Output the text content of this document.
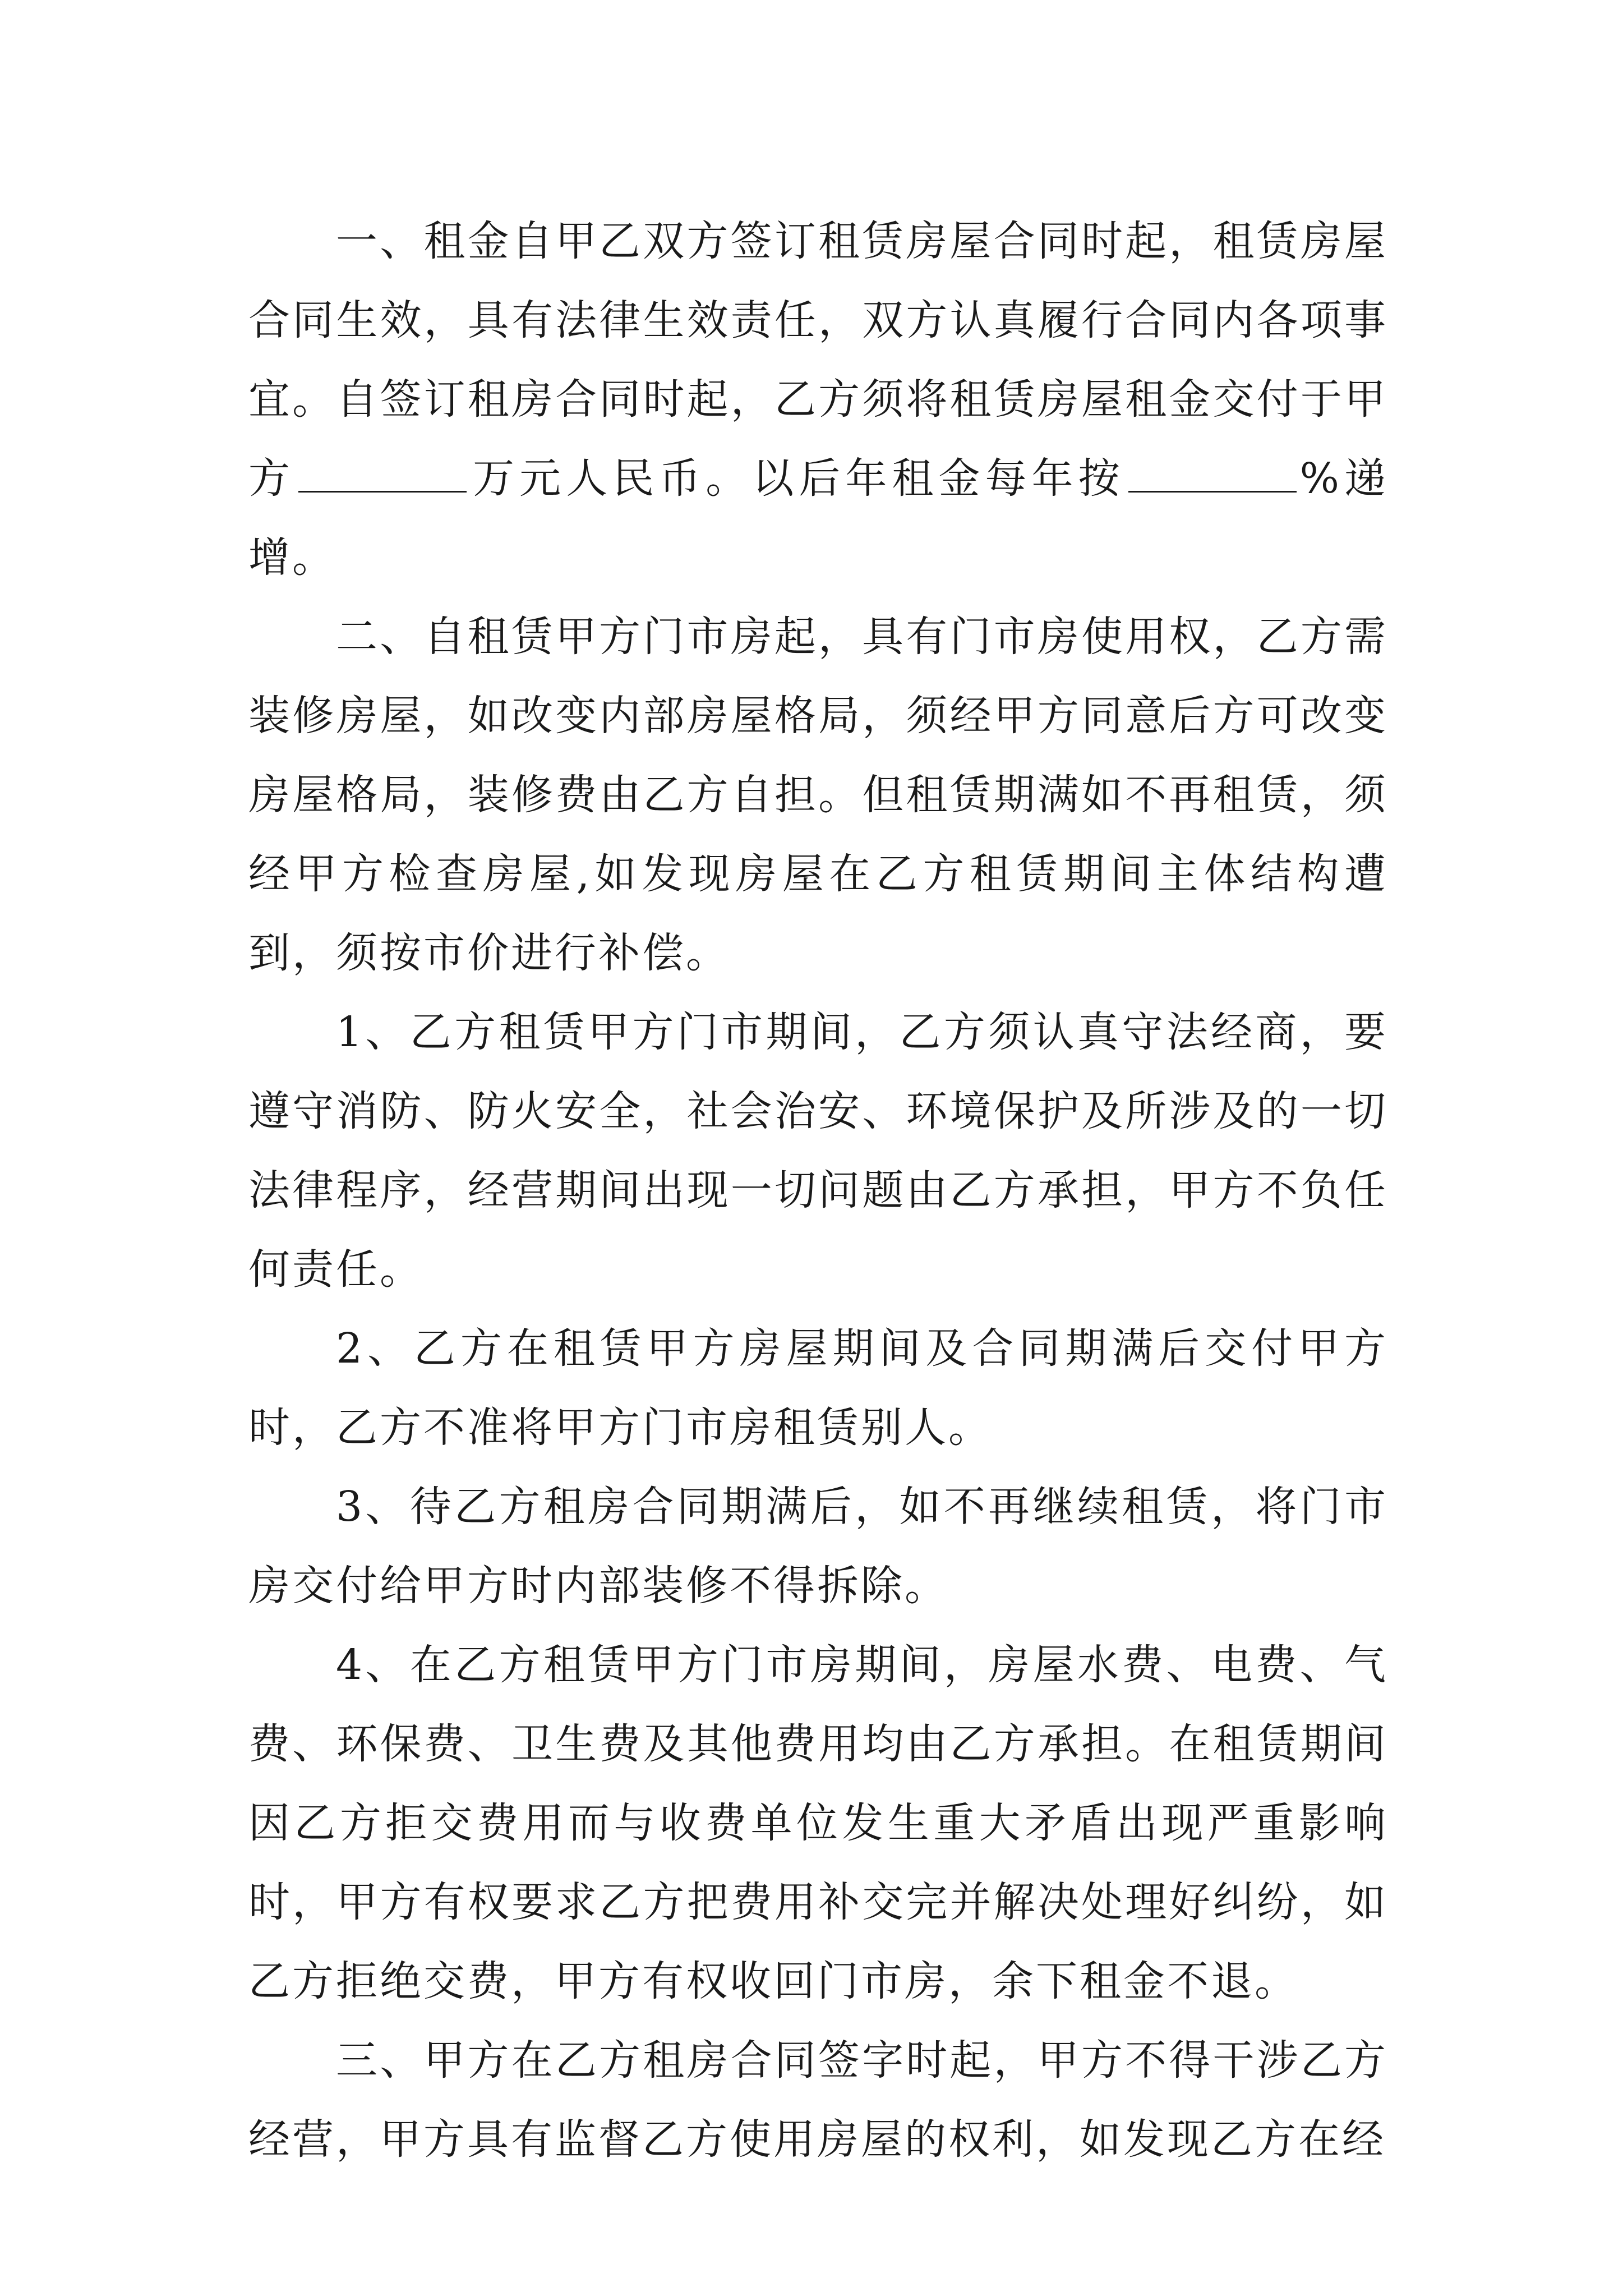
一、租金自甲乙双方签订租赁房屋合同时起，租赁房屋合同生效，具有法律生效责任，双方认真履行合同内各项事宜。自签订租房合同时起，乙方须将租赁房屋租金交付于甲方	万元人民币。以后年租金每年按	%递增。

二、自租赁甲方门市房起，具有门市房使用权，乙方需装修房屋，如改变内部房屋格局，须经甲方同意后方可改变房屋格局，装修费由乙方自担。但租赁期满如不再租赁，须经甲方检查房屋,如发现房屋在乙方租赁期间主体结构遭到，须按市价进行补偿。

1、乙方租赁甲方门市期间，乙方须认真守法经商，要遵守消防、防火安全，社会治安、环境保护及所涉及的一切法律程序，经营期间出现一切问题由乙方承担，甲方不负任何责任。

2、乙方在租赁甲方房屋期间及合同期满后交付甲方时，乙方不准将甲方门市房租赁别人。

3、待乙方租房合同期满后，如不再继续租赁，将门市房交付给甲方时内部装修不得拆除。

4、在乙方租赁甲方门市房期间，房屋水费、电费、气费、环保费、卫生费及其他费用均由乙方承担。在租赁期间因乙方拒交费用而与收费单位发生重大矛盾出现严重影响时，甲方有权要求乙方把费用补交完并解决处理好纠纷，如乙方拒绝交费，甲方有权收回门市房，余下租金不退。

三、甲方在乙方租房合同签字时起，甲方不得干涉乙方经营，甲方具有监督乙方使用房屋的权利，如发现乙方在经
